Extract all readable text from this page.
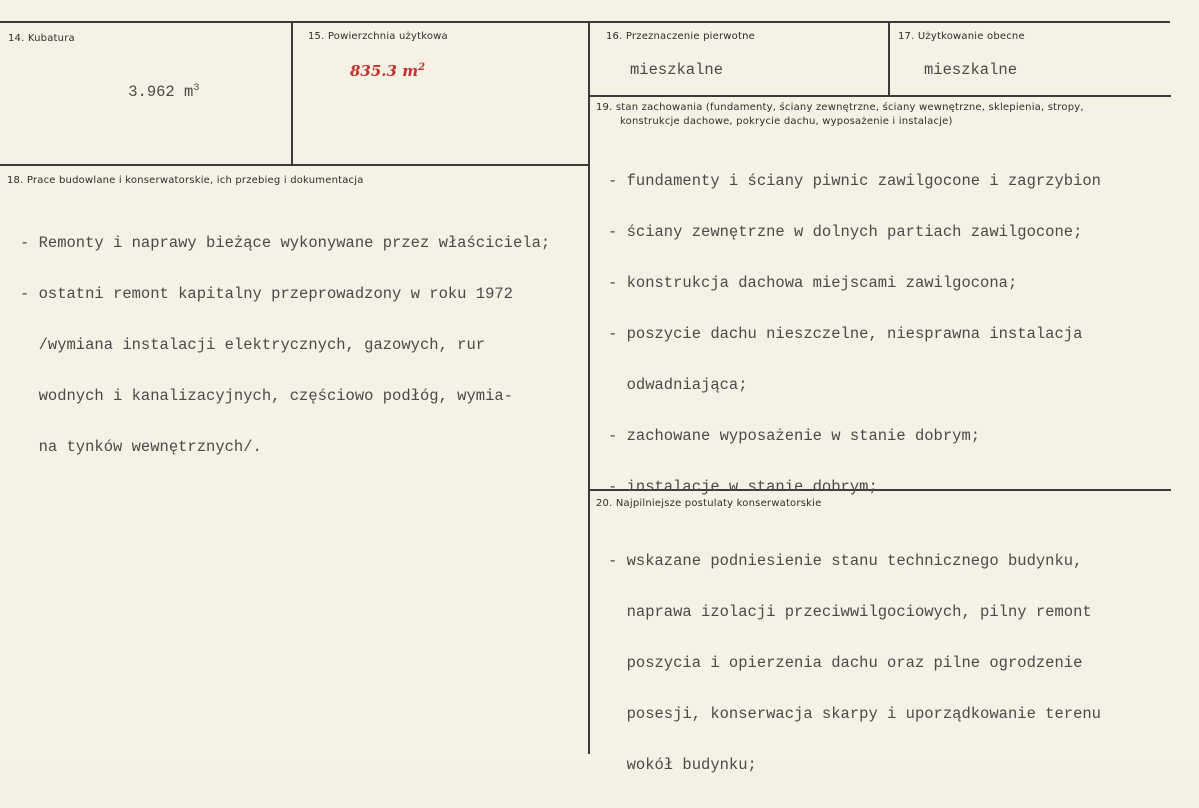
14. Kubatura

3.962 $m^3$

15. Powierzchnia użytkowa
835.3 $m^2$
16. Przeznaczenie pierwotne
mieszkalne
17. Użytkowanie obecne
mieszkalne
18. Prace budowlane i konserwatorskie, ich przebieg i dokumentacja

- Remonty i naprawy bieżące wykonywane przez właściciela;

- ostatni remont kapitalny przeprowadzony w roku 1972

/wymiana instalacji elektrycznych, gazowych, rur

wodnych i kanalizacyjnych, częściowo podłóg, wymia-

na tynków wewnętrznych/.

19. stan zachowania (fundamenty, ściany zewnętrzne, ściany wewnętrzne, sklepienia, stropy,
konstrukcje dachowe, pokrycie dachu, wyposażenie i instalacje)

- fundamenty i ściany piwnic zawilgocone i zagrzybion

- ściany zewnętrzne w dolnych partiach zawilgocone;

- konstrukcja dachowa miejscami zawilgocona;

- poszycie dachu nieszczelne, niesprawna instalacja

odwadniająca;

- zachowane wyposażenie w stanie dobrym;

- instalacje w stanie dobrym;

20. Najpilniejsze postulaty konserwatorskie

- wskazane podniesienie stanu technicznego budynku,

naprawa izolacji przeciwwilgociowych, pilny remont

poszycia i opierzenia dachu oraz pilne ogrodzenie

posesji, konserwacja skarpy i uporządkowanie terenu

wokół budynku;
